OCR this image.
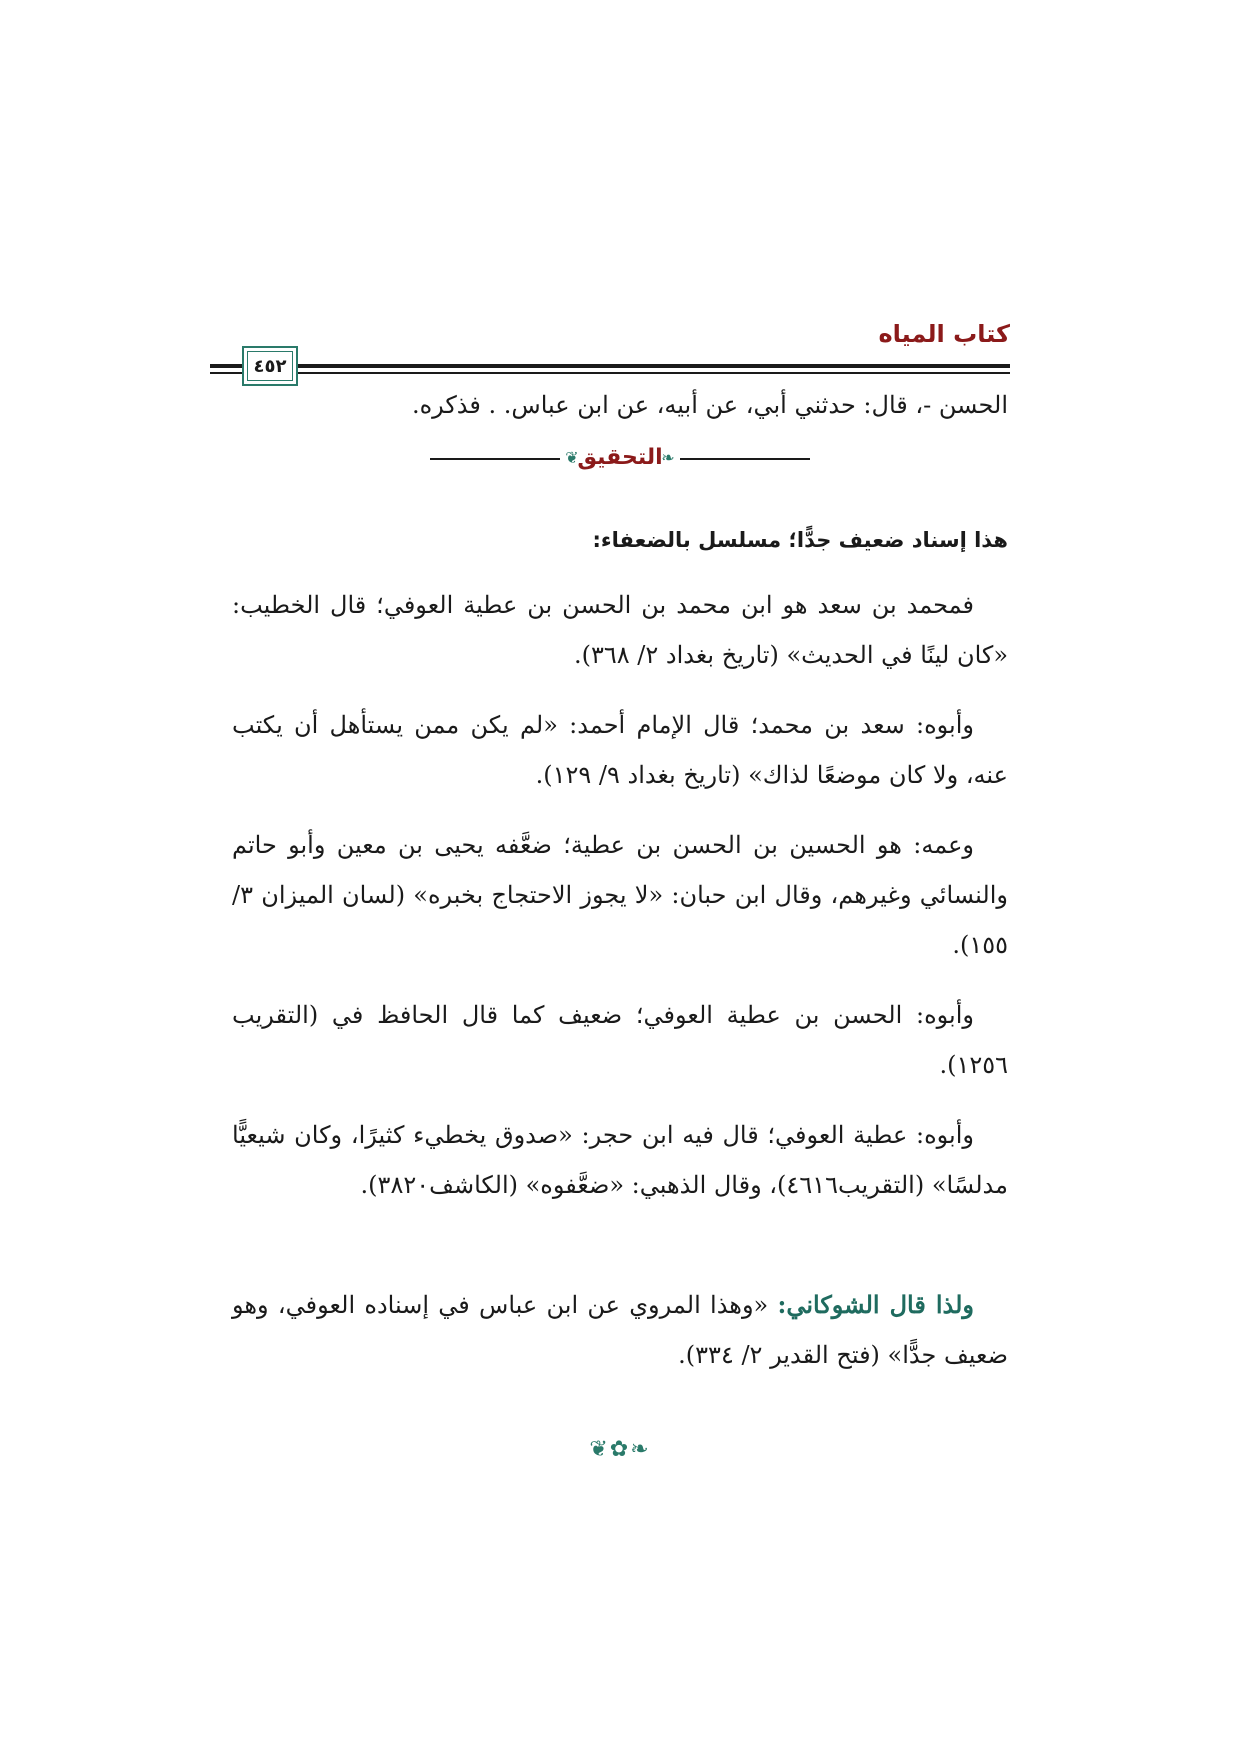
كتاب المياه
٤٥٢

الحسن -، قال: حدثني أبي، عن أبيه، عن ابن عباس. . فذكره.

❦
التحقيق
❧
هذا إسناد ضعيف جدًّا؛ مسلسل بالضعفاء:

فمحمد بن سعد هو ابن محمد بن الحسن بن عطية العوفي؛ قال الخطيب: «كان لينًا في الحديث» (تاريخ بغداد ٢/ ٣٦٨).

وأبوه: سعد بن محمد؛ قال الإمام أحمد: «لم يكن ممن يستأهل أن يكتب عنه، ولا كان موضعًا لذاك» (تاريخ بغداد ٩/ ١٢٩).

وعمه: هو الحسين بن الحسن بن عطية؛ ضعَّفه يحيى بن معين وأبو حاتم والنسائي وغيرهم، وقال ابن حبان: «لا يجوز الاحتجاج بخبره» (لسان الميزان ٣/ ١٥٥).

وأبوه: الحسن بن عطية العوفي؛ ضعيف كما قال الحافظ في (التقريب ١٢٥٦).

وأبوه: عطية العوفي؛ قال فيه ابن حجر: «صدوق يخطيء كثيرًا، وكان شيعيًّا مدلسًا» (التقريب٤٦١٦)، وقال الذهبي: «ضعَّفوه» (الكاشف٣٨٢٠).

ولذا قال الشوكاني: «وهذا المروي عن ابن عباس في إسناده العوفي، وهو ضعيف جدًّا» (فتح القدير ٢/ ٣٣٤).

❦✿❧
